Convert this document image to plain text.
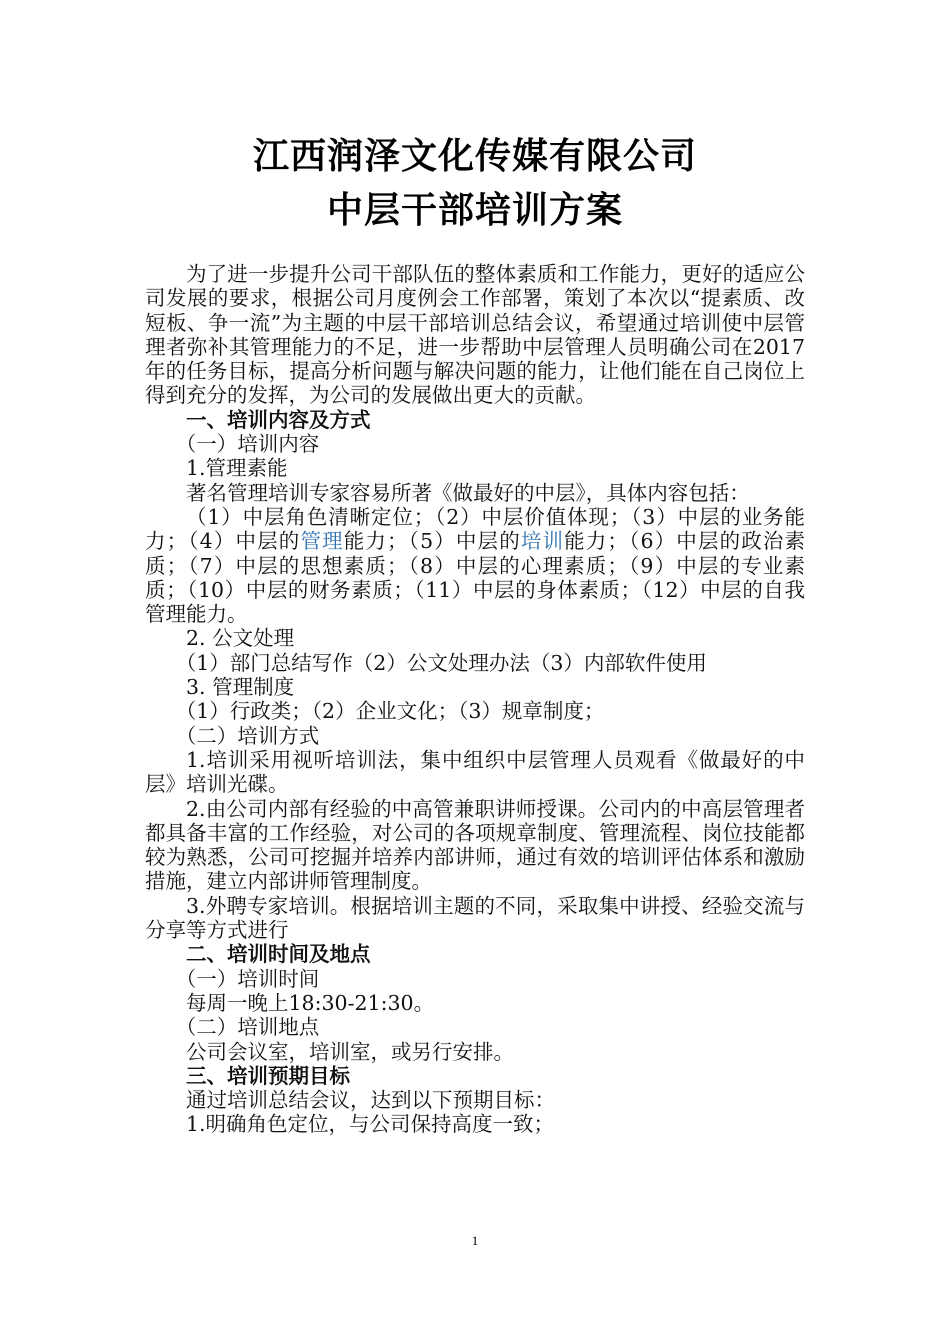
江西润泽文化传媒有限公司
中层干部培训方案

为了进一步提升公司干部队伍的整体素质和工作能力，更好的适应公司发展的要求，根据公司月度例会工作部署，策划了本次以“提素质、改短板、争一流”为主题的中层干部培训总结会议，希望通过培训使中层管理者弥补其管理能力的不足，进一步帮助中层管理人员明确公司在2017年的任务目标，提高分析问题与解决问题的能力，让他们能在自己岗位上得到充分的发挥，为公司的发展做出更大的贡献。

一、培训内容及方式

（一）培训内容

1.管理素能

著名管理培训专家容易所著《做最好的中层》，具体内容包括：

（1）中层角色清晰定位；（2）中层价值体现；（3）中层的业务能力；（4）中层的管理能力；（5）中层的培训能力；（6）中层的政治素质；（7）中层的思想素质；（8）中层的心理素质；（9）中层的专业素质；（10）中层的财务素质；（11）中层的身体素质；（12）中层的自我管理能力。

2. 公文处理

（1）部门总结写作（2）公文处理办法（3）内部软件使用

3. 管理制度

（1）行政类；（2）企业文化；（3）规章制度；

（二）培训方式

1.培训采用视听培训法，集中组织中层管理人员观看《做最好的中层》培训光碟。

2.由公司内部有经验的中高管兼职讲师授课。公司内的中高层管理者都具备丰富的工作经验，对公司的各项规章制度、管理流程、岗位技能都较为熟悉，公司可挖掘并培养内部讲师，通过有效的培训评估体系和激励措施，建立内部讲师管理制度。

3.外聘专家培训。根据培训主题的不同，采取集中讲授、经验交流与分享等方式进行

二、培训时间及地点

（一）培训时间

每周一晚上18:30-21:30。

（二）培训地点

公司会议室，培训室，或另行安排。

三、培训预期目标

通过培训总结会议，达到以下预期目标：

1.明确角色定位，与公司保持高度一致；

1
